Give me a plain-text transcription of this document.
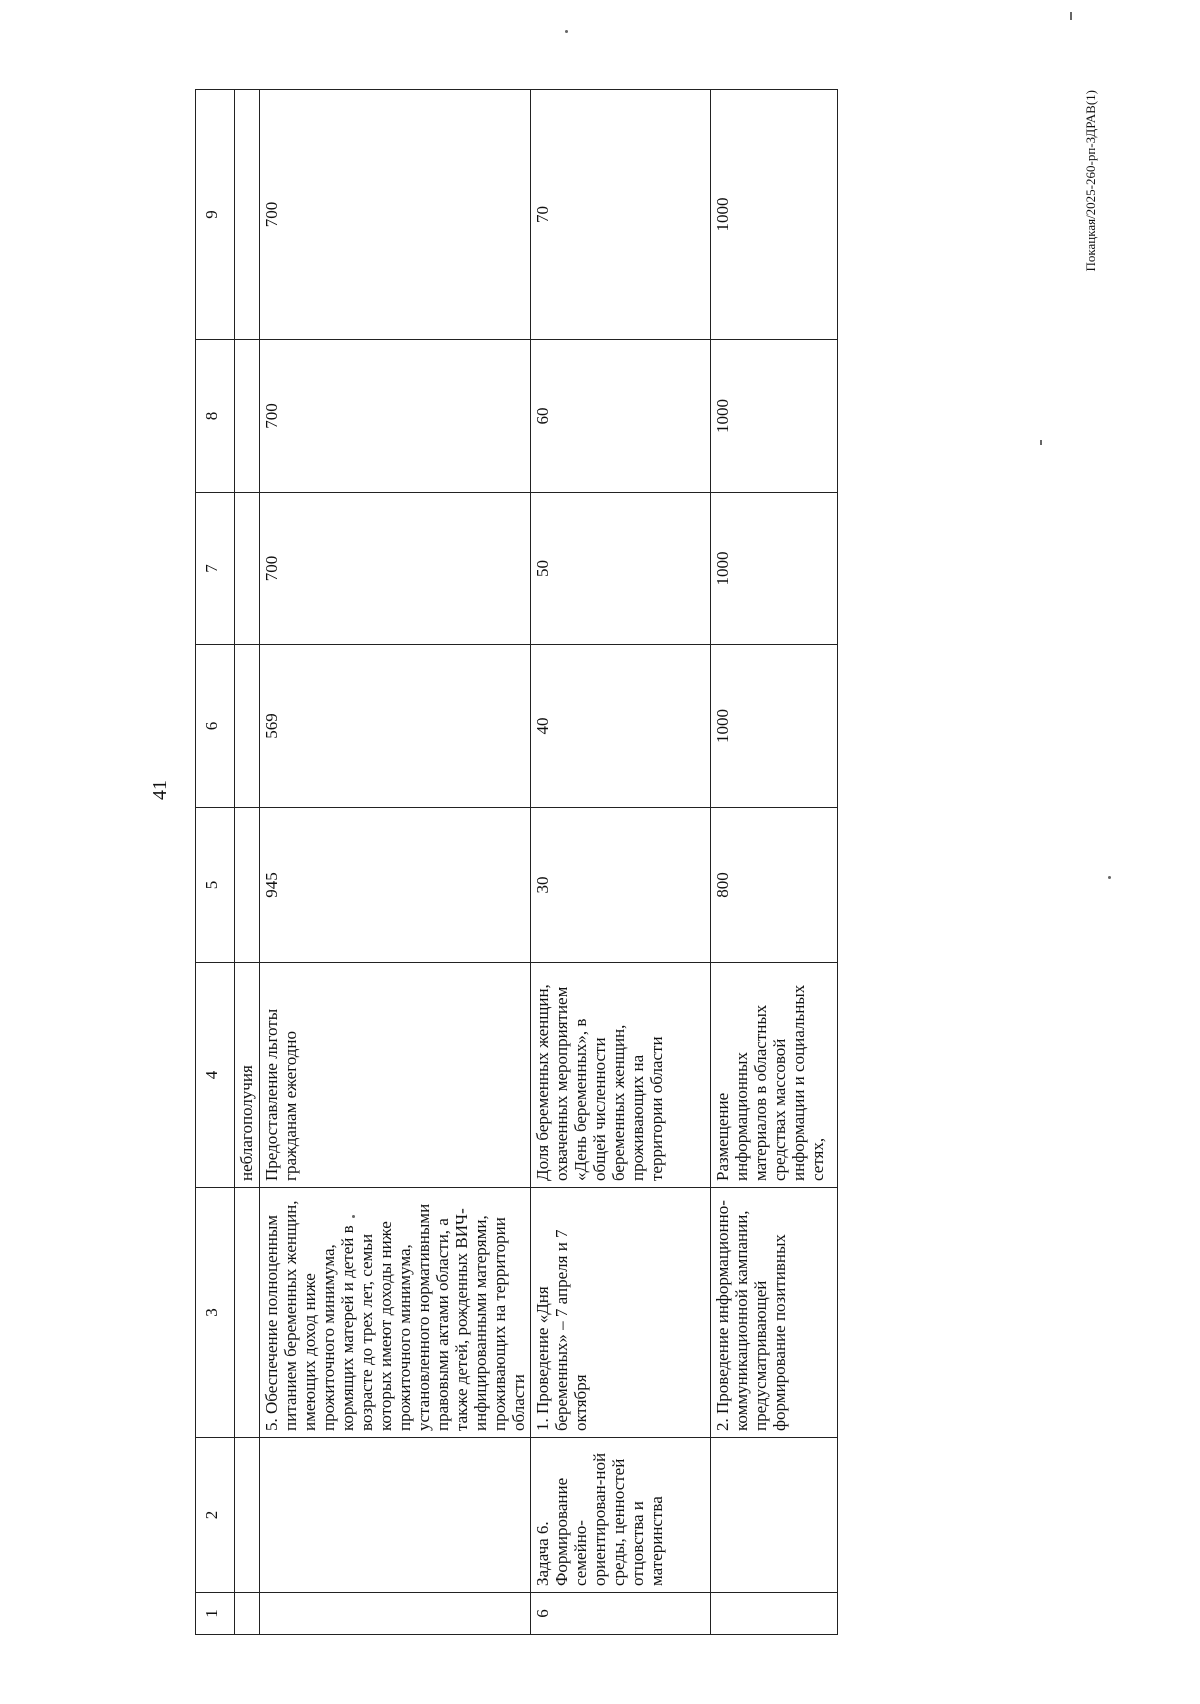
41
1	2	3	4	5	6	7	8	9
			неблагополучия					
		5. Обеспечение полноценным питанием беременных женщин, имеющих доход ниже прожиточного минимума, кормящих матерей и детей в возрасте до трех лет, семьи которых имеют доходы ниже прожиточного минимума, установленного нормативными правовыми актами области, а также детей, рожденных ВИЧ-инфицированными матерями, проживающих на территории области	Предоставление льготы гражданам ежегодно	945	569	700	700	700
6	Задача 6. Формирование семейно-ориентирован-ной среды, ценностей отцовства и материнства	1. Проведение «Дня беременных» – 7 апреля и 7 октября	Доля беременных женщин, охваченных мероприятием «День беременных», в общей численности беременных женщин, проживающих на территории области	30	40	50	60	70
		2. Проведение информационно-коммуникационной кампании, предусматривающей формирование позитивных	Размещение информационных материалов в областных средствах массовой информации и социальных сетях,	800	1000	1000	1000	1000	Покацкая/2025-260-рп-ЗДРАВ(1)
